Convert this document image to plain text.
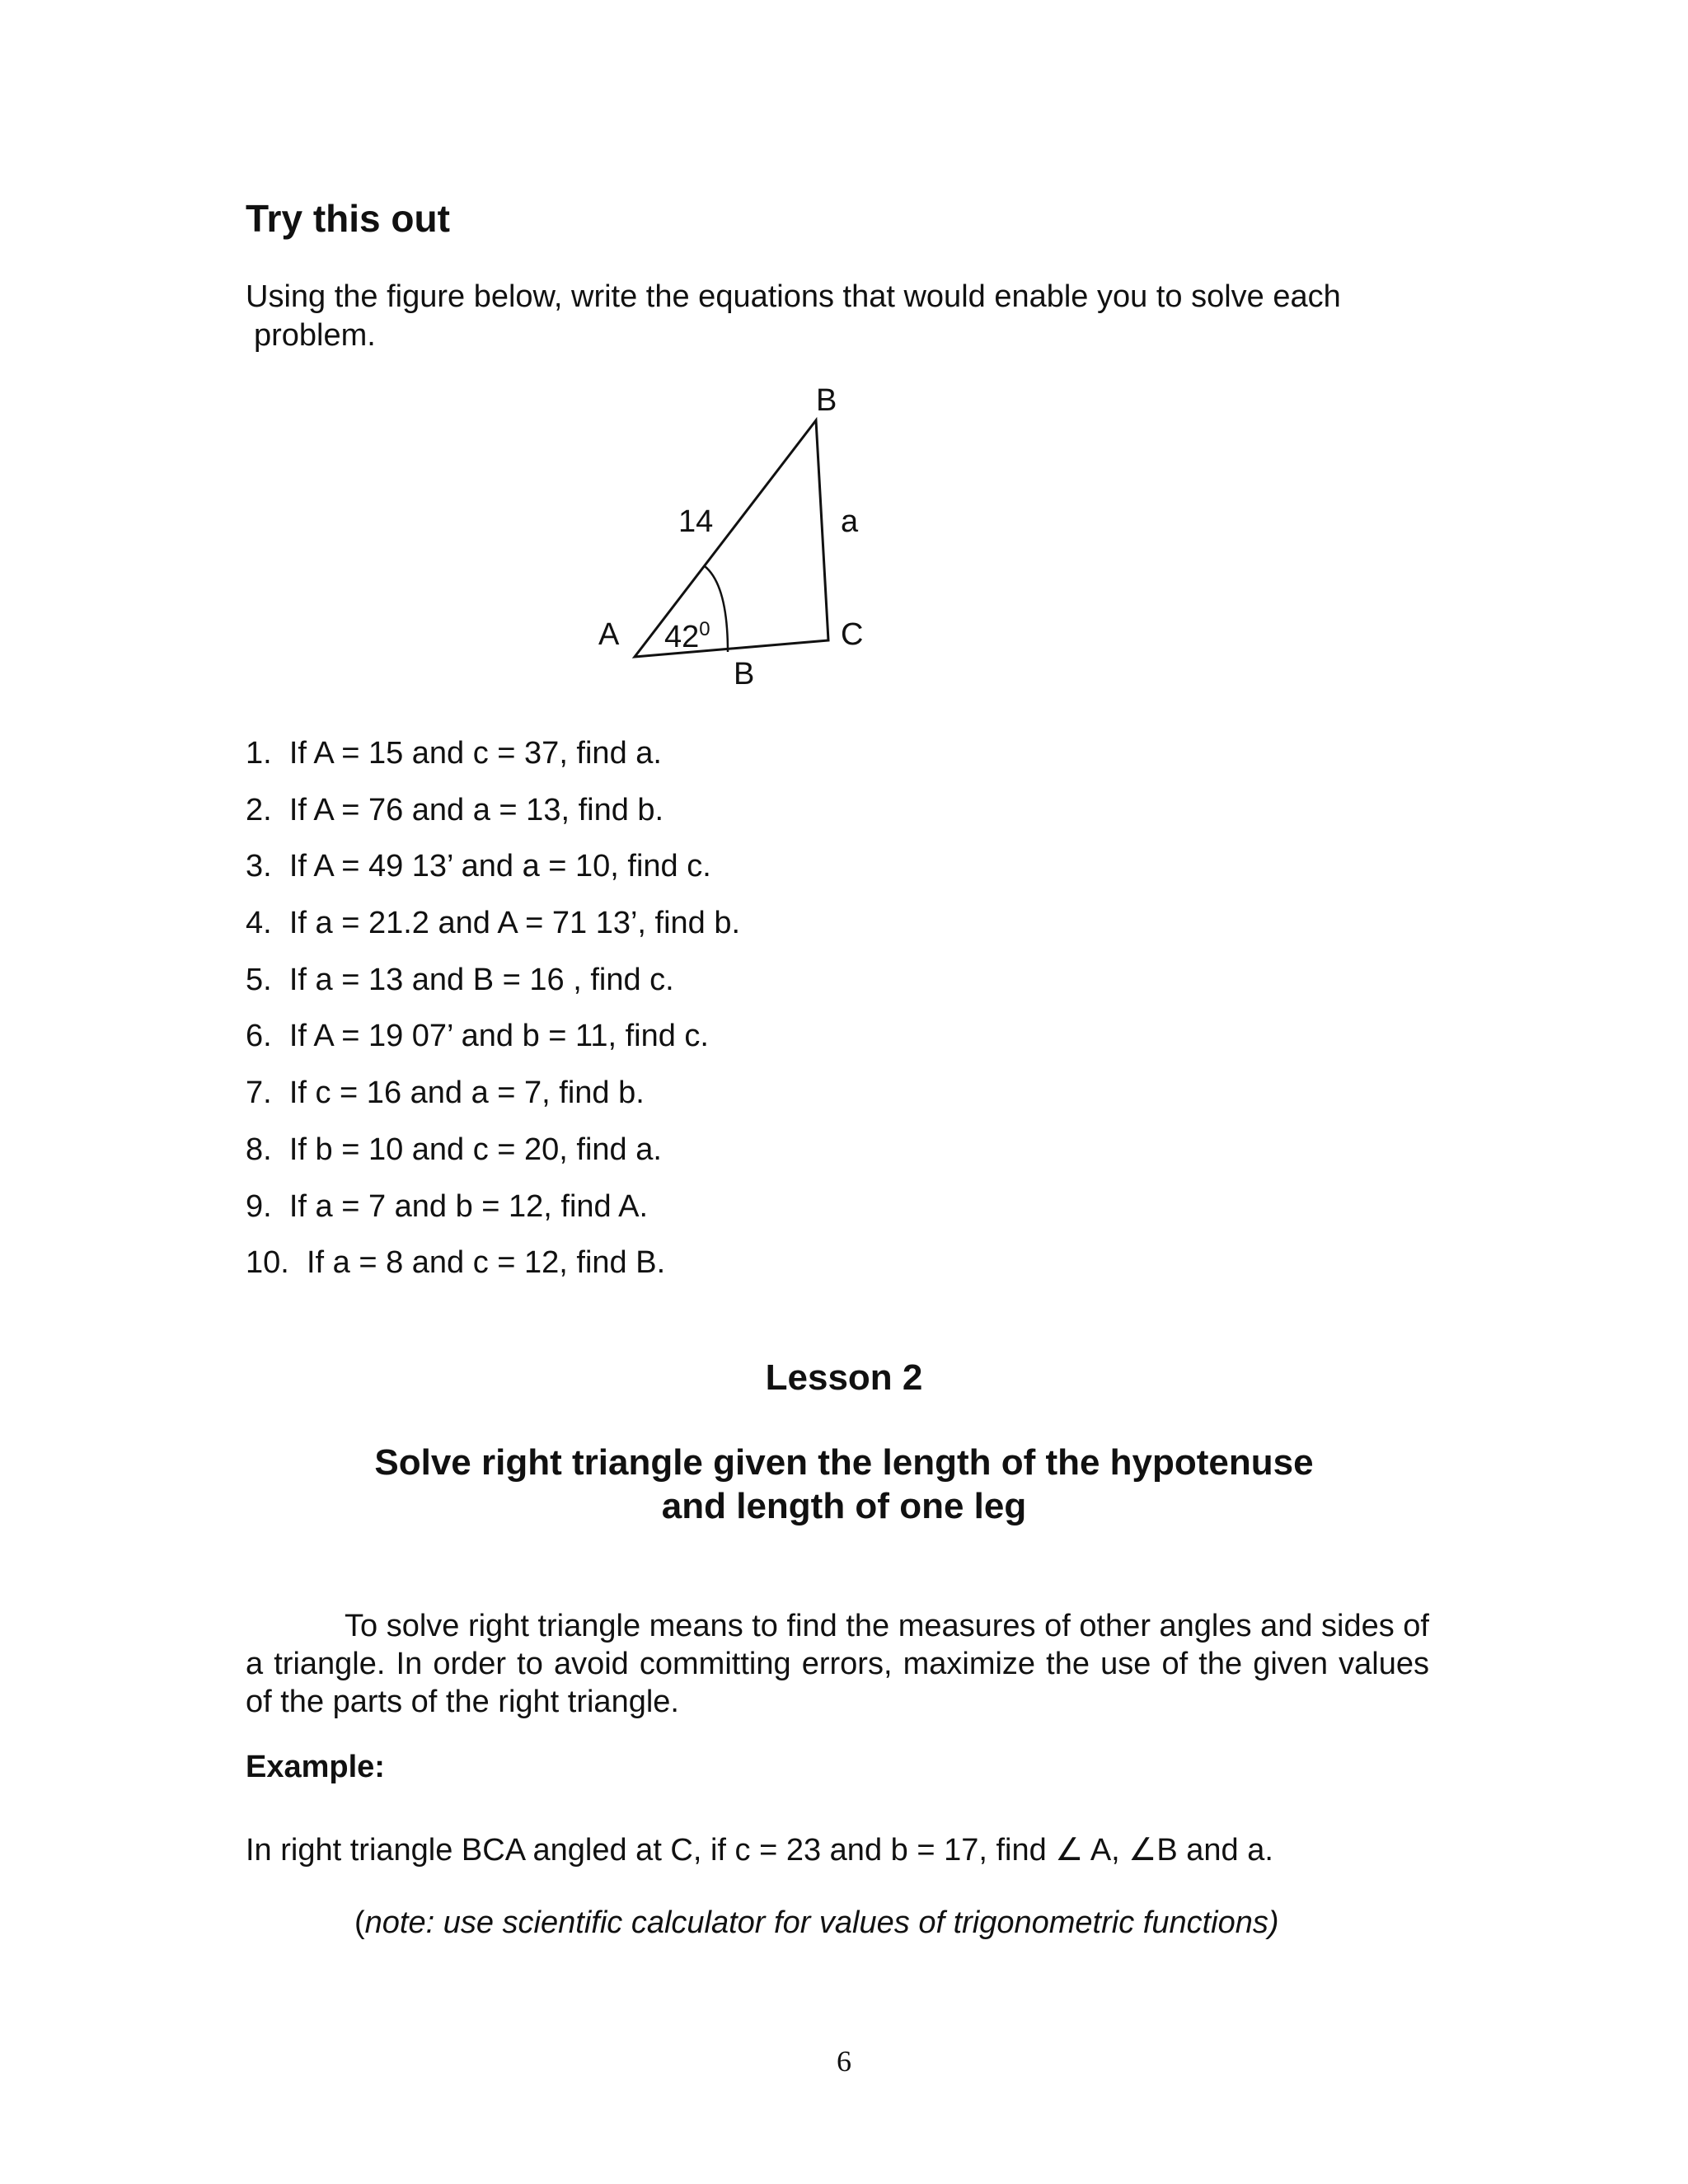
Try this out

Using the figure below, write the equations that would enable you to solve each
problem.

B
A	C
14	a
B
$42^0$
1. If A = 15 and c = 37, find a.
2. If A = 76 and a = 13, find b.
3. If A = 49 13’ and a = 10, find c.
4. If a = 21.2 and A = 71 13’, find b.
5. If a = 13 and B = 16 , find c.
6. If A = 19 07’ and b = 11, find c.
7. If c = 16 and a = 7, find b.
8. If b = 10 and c = 20, find a.
9. If a = 7 and b = 12, find A.
10. If a = 8 and c = 12, find B.
Lesson 2
Solve right triangle given the length of the hypotenuse
and length of one leg

To solve right triangle means to find the measures of other angles and sides of a triangle. In order to avoid committing errors, maximize the use of the given values of the parts of the right triangle.

Example:

In right triangle BCA angled at C, if c = 23 and b = 17, find ∠ A, ∠B and a.

(note: use scientific calculator for values of trigonometric functions)

6
